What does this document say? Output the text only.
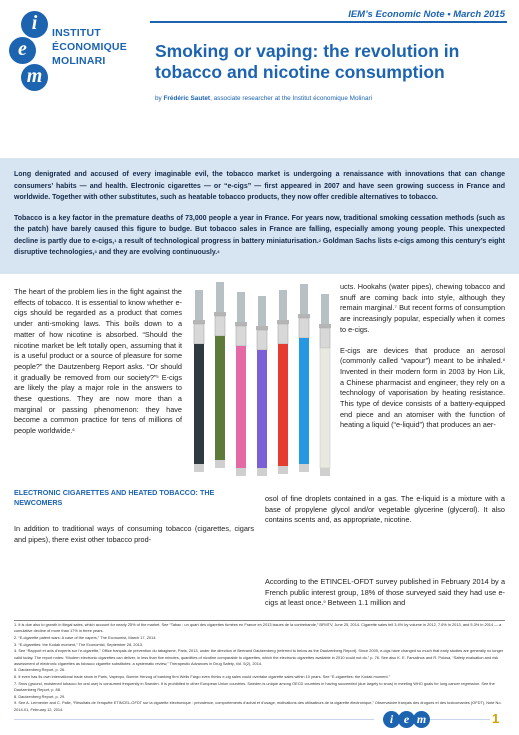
i
e
m
INSTITUT
ÉCONOMIQUE
MOLINARI
IEM’s Economic Note • March 2015
Smoking or vaping: the revolution in tobacco and nicotine consumption
by Frédéric Sautet, associate researcher at the Institut économique Molinari

Long denigrated and accused of every imaginable evil, the tobacco market is undergoing a renaissance with innovations that can change consumers’ habits — and health. Electronic cigarettes — or “e-cigs” — first appeared in 2007 and have seen growing success in France and worldwide. Together with other substitutes, such as heatable tobacco products, they now offer credible alternatives to tobacco.

Tobacco is a key factor in the premature deaths of 73,000 people a year in France. For years now, traditional smoking cessation methods (such as the patch) have barely caused this figure to budge. But tobacco sales in France are falling, especially among young people. This unexpected decline is partly due to e-cigs,$^1$ a result of technological progress in battery miniaturisation.$^2$ Goldman Sachs lists e-cigs among this century’s eight disruptive technologies,$^3$ and they are evolving continuously.$^4$

The heart of the problem lies in the fight against the effects of tobacco. It is essential to know whether e-cigs should be regarded as a product that comes under anti-smoking laws. This boils down to a matter of how nicotine is absorbed. “Should the nicotine market be left totally open, assuming that it is a useful product or a source of pleasure for some people?” the Dautzenberg Report asks. “Or should it gradually be removed from our society?”$^5$ E-cigs are likely the play a major role in the answers to these questions. They are now more than a marginal or passing phenomenon: they have become a common practice for tens of millions of people worldwide.$^6$

ucts. Hookahs (water pipes), chewing tobacco and snuff are coming back into style, although they remain marginal.$^7$ But recent forms of consumption are increasingly popular, especially when it comes to e-cigs.

E-cigs are devices that produce an aerosol (commonly called “vapour”) meant to be inhaled.$^8$ Invented in their modern form in 2003 by Hon Lik, a Chinese pharmacist and engineer, they rely on a technology of vaporisation by heating resistance. This type of device consists of a battery-equipped end piece and an atomiser with the function of heating a liquid (“e-liquid”) that produces an aer-

ELECTRONIC CIGARETTES AND HEATED TOBACCO: THE NEWCOMERS

In addition to traditional ways of consuming tobacco (cigarettes, cigars and pipes), there exist other tobacco prod-

osol of fine droplets contained in a gas. The e-liquid is a mixture with a base of propylene glycol and/or vegetable glycerine (glycerol). It also contains scents and, as appropriate, nicotine.

According to the ETINCEL-OFDT survey published in February 2014 by a French public interest group, 18% of those surveyed said they had use e-cigs at least once.$^9$ Between 1.1 million and

1. It is due also to growth in illegal sales, which account for nearly 25% of the market. See “Tabac : un quart des cigarettes fumées en France en 2013 issues de la contrebande,” BFMTV, June 25, 2014. Cigarette sales fell 3.4% by volume in 2012, 7.6% in 2013, and 5.3% in 2014 — a cumulative decline of more than 17% in three years.
2. “E-cigarette patent wars: A case of the vapers,” The Economist, March 17, 2014.
3. “E-cigarettes: the Kodak moment,” The Economist, September 28, 2013.
4. See “Rapport et avis d’experts sur l’e-cigarette,” Office français de prévention du tabagisme, Paris, 2013, under the direction of Bertrand Dautzenberg (referred to below as the Dautzenberg Report). Since 2009, e-cigs have changed so much that early studies are generally no longer valid today. The report notes: “Modern electronic cigarettes can deliver, in less than five minutes, quantities of nicotine comparable to cigarettes, which the electronic cigarettes available in 2010 could not do.” p. 76. See also K. E. Farsalinos and R. Polosa, “Safety evaluation and risk assessment of electronic cigarettes as tobacco cigarette substitutes: a systematic review,” Therapeutic Advances in Drug Safety, Vol. 5(2), 2014.
5. Dautzenberg Report, p. 26.
6. It even has its own international trade show in Paris, Vapexpo. Bonnie Herzog of banking firm Wells Fargo even thinks e-cig sales could overtake cigarette sales within 10 years. See “E-cigarettes: the Kodak moment.”
7. Snus (ground, moistened tobacco for oral use) is consumed frequently in Sweden. It is prohibited in other European Union countries. Sweden is unique among OECD countries in having succeeded (due largely to snus) in meeting WHO goals for lung cancer regression. See the Dautzenberg Report, p. 88.
8. Dautzenberg Report, p. 29.
9. See A. Lermenier and C. Palle, “Résultats de l’enquête ETINCEL-OFDT sur la cigarette électronique : prévalence, comportements d’achat et d’usage, motivations des utilisateurs de la cigarette électronique,” Observatoire français des drogues et des toxicomanies (OFDT), Note No. 2014-01, February 12, 2014.
i e m	1
